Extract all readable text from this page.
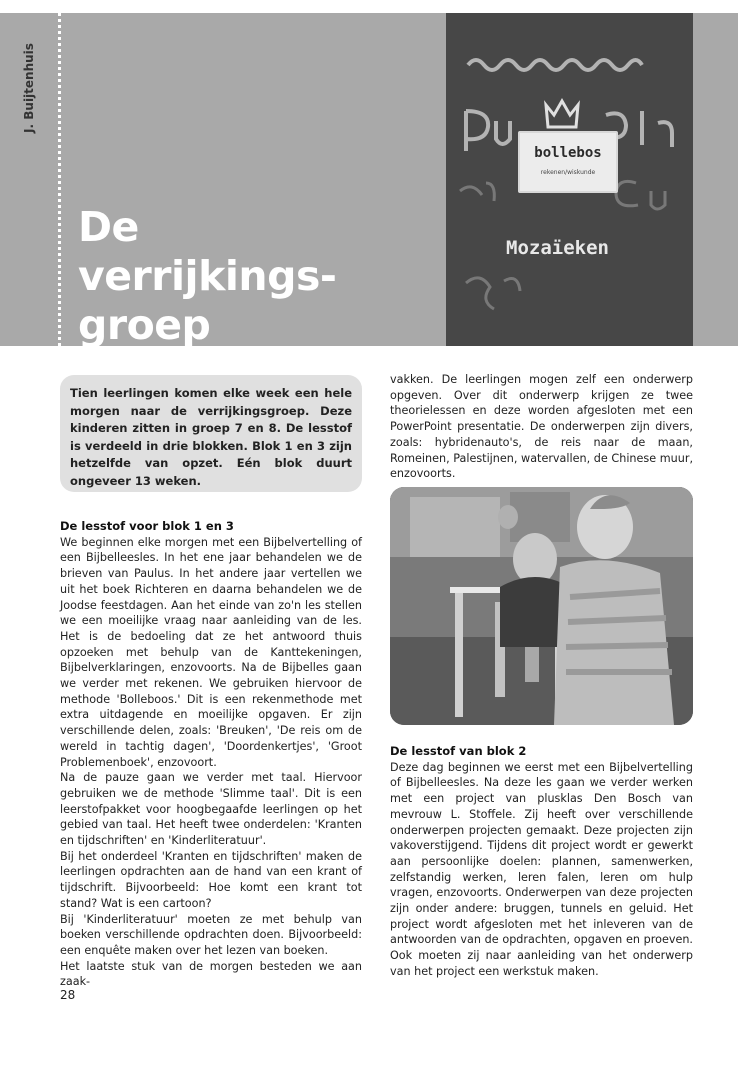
J. Buijtenhuis
De verrijkings-
groep
bollebos
rekenen/wiskunde
Mozaïeken

Tien leerlingen komen elke week een hele morgen naar de verrijkingsgroep. Deze kinderen zitten in groep 7 en 8. De lesstof is verdeeld in drie blokken. Blok 1 en 3 zijn hetzelfde van opzet. Eén blok duurt ongeveer 13 weken.

De lesstof voor blok 1 en 3

We beginnen elke morgen met een Bijbelvertelling of een Bijbelleesles. In het ene jaar behandelen we de brieven van Paulus. In het andere jaar vertellen we uit het boek Richteren en daarna behandelen we de Joodse feestdagen. Aan het einde van zo'n les stellen we een moeilijke vraag naar aanleiding van de les. Het is de bedoeling dat ze het antwoord thuis opzoeken met behulp van de Kanttekeningen, Bijbelverklaringen, enzovoorts. Na de Bijbelles gaan we verder met rekenen. We gebruiken hiervoor de methode 'Bolleboos.' Dit is een rekenmethode met extra uitdagende en moeilijke opgaven. Er zijn verschillende delen, zoals: 'Breuken', 'De reis om de wereld in tachtig dagen', 'Doordenkertjes', 'Groot Problemenboek', enzovoort.

Na de pauze gaan we verder met taal. Hiervoor gebruiken we de methode 'Slimme taal'. Dit is een leerstofpakket voor hoogbegaafde leerlingen op het gebied van taal. Het heeft twee onderdelen: 'Kranten en tijdschriften' en 'Kinderliteratuur'.

Bij het onderdeel 'Kranten en tijdschriften' maken de leerlingen opdrachten aan de hand van een krant of tijdschrift. Bijvoorbeeld: Hoe komt een krant tot stand? Wat is een cartoon?

Bij 'Kinderliteratuur' moeten ze met behulp van boeken verschillende opdrachten doen. Bijvoorbeeld: een enquête maken over het lezen van boeken.

Het laatste stuk van de morgen besteden we aan zaak-

vakken. De leerlingen mogen zelf een onderwerp opgeven. Over dit onderwerp krijgen ze twee theorielessen en deze worden afgesloten met een PowerPoint presentatie. De onderwerpen zijn divers, zoals: hybridenauto's, de reis naar de maan, Romeinen, Palestijnen, watervallen, de Chinese muur, enzovoorts.

De lesstof van blok 2

Deze dag beginnen we eerst met een Bijbelvertelling of Bijbelleesles. Na deze les gaan we verder werken met een project van plusklas Den Bosch van mevrouw L. Stoffele. Zij heeft over verschillende onderwerpen projecten gemaakt. Deze projecten zijn vakoverstijgend. Tijdens dit project wordt er gewerkt aan persoonlijke doelen: plannen, samenwerken, zelfstandig werken, leren falen, leren om hulp vragen, enzovoorts. Onderwerpen van deze projecten zijn onder andere: bruggen, tunnels en geluid. Het project wordt afgesloten met het inleveren van de antwoorden van de opdrachten, opgaven en proeven. Ook moeten zij naar aanleiding van het onderwerp van het project een werkstuk maken.

28
